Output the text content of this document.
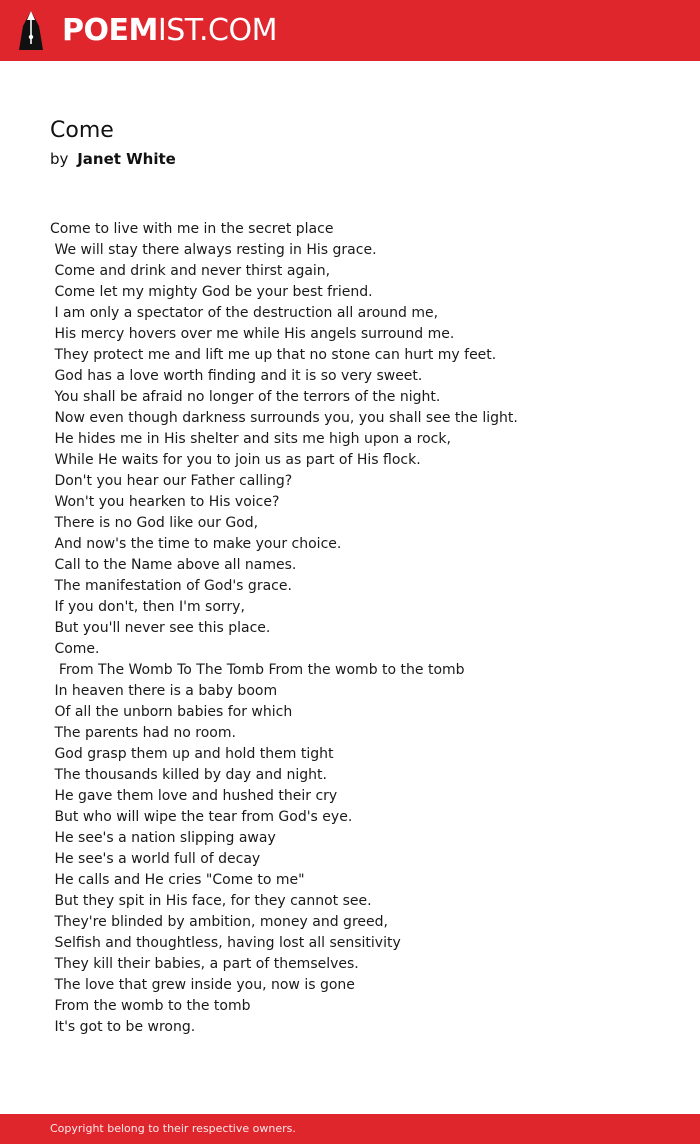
POEMIST.COM
Come
by Janet White
Come to live with me in the secret place
We will stay there always resting in His grace.
Come and drink and never thirst again,
Come let my mighty God be your best friend.
I am only a spectator of the destruction all around me,
His mercy hovers over me while His angels surround me.
They protect me and lift me up that no stone can hurt my feet.
God has a love worth finding and it is so very sweet.
You shall be afraid no longer of the terrors of the night.
Now even though darkness surrounds you, you shall see the light.
He hides me in His shelter and sits me high upon a rock,
While He waits for you to join us as part of His flock.
Don't you hear our Father calling?
Won't you hearken to His voice?
There is no God like our God,
And now's the time to make your choice.
Call to the Name above all names.
The manifestation of God's grace.
If you don't, then I'm sorry,
But you'll never see this place.
Come.
From The Womb To The Tomb From the womb to the tomb
In heaven there is a baby boom
Of all the unborn babies for which
The parents had no room.
God grasp them up and hold them tight
The thousands killed by day and night.
He gave them love and hushed their cry
But who will wipe the tear from God's eye.
He see's a nation slipping away
He see's a world full of decay
He calls and He cries "Come to me"
But they spit in His face, for they cannot see.
They're blinded by ambition, money and greed,
Selfish and thoughtless, having lost all sensitivity
They kill their babies, a part of themselves.
The love that grew inside you, now is gone
From the womb to the tomb
It's got to be wrong.
Copyright belong to their respective owners.
